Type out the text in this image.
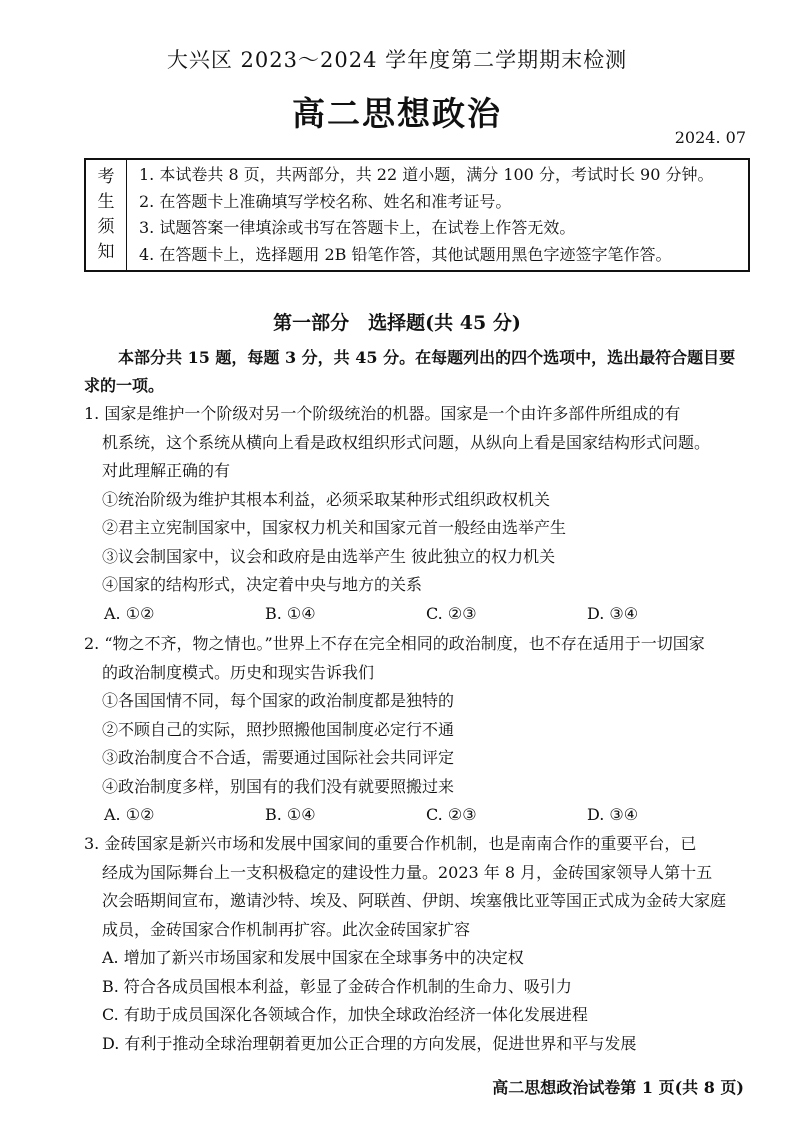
大兴区 2023～2024 学年度第二学期期末检测
高二思想政治
2024. 07
考
生
须
知
1. 本试卷共 8 页，共两部分，共 22 道小题，满分 100 分，考试时长 90 分钟。
2. 在答题卡上准确填写学校名称、姓名和准考证号。
3. 试题答案一律填涂或书写在答题卡上，在试卷上作答无效。
4. 在答题卡上，选择题用 2B 铅笔作答，其他试题用黑色字迹签字笔作答。
第一部分　选择题(共 45 分)
本部分共 15 题，每题 3 分，共 45 分。在每题列出的四个选项中，选出最符合题目要
求的一项。

1. 国家是维护一个阶级对另一个阶级统治的机器。国家是一个由许多部件所组成的有

机系统，这个系统从横向上看是政权组织形式问题，从纵向上看是国家结构形式问题。

对此理解正确的有

①统治阶级为维护其根本利益，必须采取某种形式组织政权机关

②君主立宪制国家中，国家权力机关和国家元首一般经由选举产生

③议会制国家中，议会和政府是由选举产生 彼此独立的权力机关

④国家的结构形式，决定着中央与地方的关系

A. ①②	B. ①④	C. ②③	D. ③④

2. “物之不齐，物之情也。”世界上不存在完全相同的政治制度，也不存在适用于一切国家

的政治制度模式。历史和现实告诉我们

①各国国情不同，每个国家的政治制度都是独特的

②不顾自己的实际，照抄照搬他国制度必定行不通

③政治制度合不合适，需要通过国际社会共同评定

④政治制度多样，别国有的我们没有就要照搬过来

A. ①②	B. ①④	C. ②③	D. ③④

3. 金砖国家是新兴市场和发展中国家间的重要合作机制，也是南南合作的重要平台，已

经成为国际舞台上一支积极稳定的建设性力量。2023 年 8 月，金砖国家领导人第十五

次会晤期间宣布，邀请沙特、埃及、阿联酋、伊朗、埃塞俄比亚等国正式成为金砖大家庭

成员，金砖国家合作机制再扩容。此次金砖国家扩容

A. 增加了新兴市场国家和发展中国家在全球事务中的决定权

B. 符合各成员国根本利益，彰显了金砖合作机制的生命力、吸引力

C. 有助于成员国深化各领域合作，加快全球政治经济一体化发展进程

D. 有利于推动全球治理朝着更加公正合理的方向发展，促进世界和平与发展

高二思想政治试卷第 1 页(共 8 页)
